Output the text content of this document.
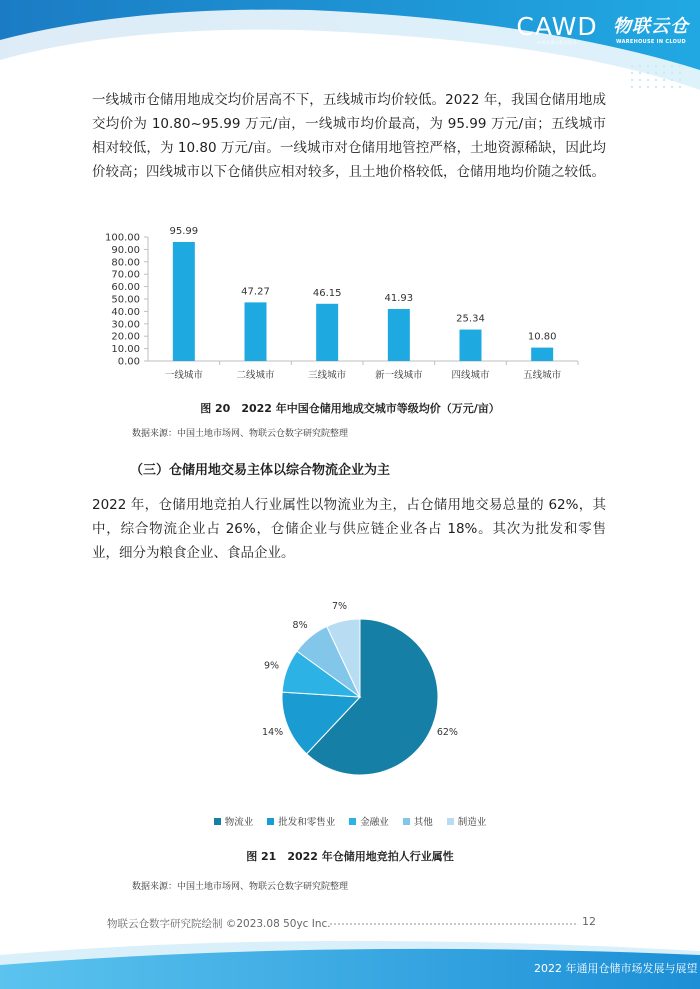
CAWD
中国仓储与配送协会
物联云仓
WAREHOUSE IN CLOUD

一线城市仓储用地成交均价居高不下，五线城市均价较低。2022 年，我国仓储用地成交均价为 10.80~95.99 万元/亩，一线城市均价最高，为 95.99 万元/亩；五线城市相对较低，为 10.80 万元/亩。一线城市对仓储用地管控严格，土地资源稀缺，因此均价较高；四线城市以下仓储供应相对较多，且土地价格较低，仓储用地均价随之较低。

0.00
10.00
20.00
30.00
40.00
50.00
60.00
70.00
80.00
90.00
100.00
95.99
一线城市
47.27
二线城市
46.15
三线城市
41.93
新一线城市
25.34
四线城市
10.80
五线城市
图 20　2022 年中国仓储用地成交城市等级均价（万元/亩）
数据来源：中国土地市场网、物联云仓数字研究院整理
（三）仓储用地交易主体以综合物流企业为主

2022 年，仓储用地竞拍人行业属性以物流业为主，占仓储用地交易总量的 62%，其中，综合物流企业占 26%，仓储企业与供应链企业各占 18%。其次为批发和零售业，细分为粮食企业、食品企业。

62%
14%
9%
8%
7%
物流业	批发和零售业	金融业	其他	制造业
图 21　2022 年仓储用地竞拍人行业属性
数据来源：中国土地市场网、物联云仓数字研究院整理
物联云仓数字研究院绘制 ©2023.08 50yc Inc.	12
2022 年通用仓储市场发展与展望
